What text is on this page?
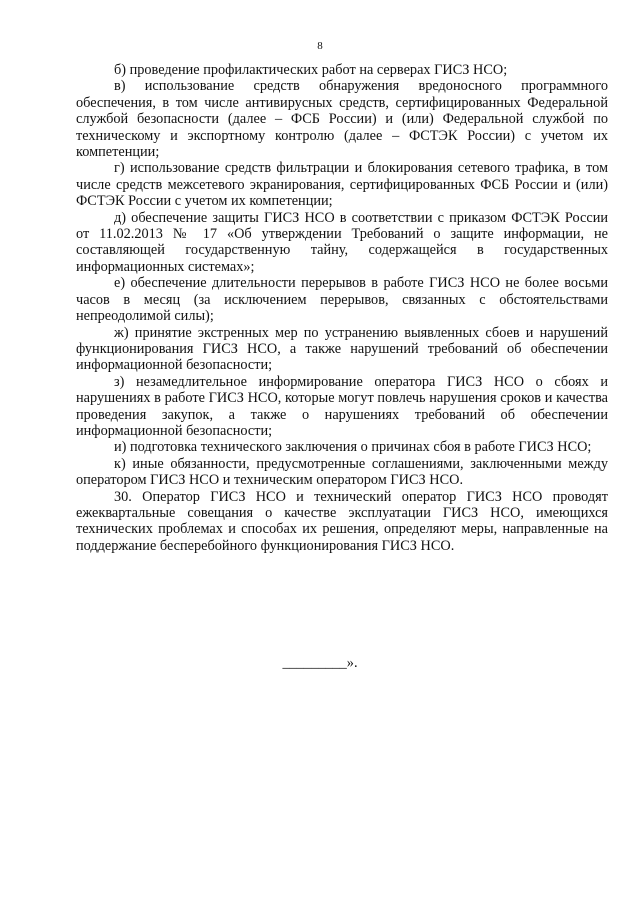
8

б) проведение профилактических работ на серверах ГИСЗ НСО;

в) использование средств обнаружения вредоносного программного обеспечения, в том числе антивирусных средств, сертифицированных Федеральной службой безопасности (далее – ФСБ России) и (или) Федеральной службой по техническому и экспортному контролю (далее – ФСТЭК России) с учетом их компетенции;

г) использование средств фильтрации и блокирования сетевого трафика, в том числе средств межсетевого экранирования, сертифицированных ФСБ России и (или) ФСТЭК России с учетом их компетенции;

д) обеспечение защиты ГИСЗ НСО в соответствии с приказом ФСТЭК России от 11.02.2013 № 17 «Об утверждении Требований о защите информации, не составляющей государственную тайну, содержащейся в государственных информационных системах»;

е) обеспечение длительности перерывов в работе ГИСЗ НСО не более восьми часов в месяц (за исключением перерывов, связанных с обстоятельствами непреодолимой силы);

ж) принятие экстренных мер по устранению выявленных сбоев и нарушений функционирования ГИСЗ НСО, а также нарушений требований об обеспечении информационной безопасности;

з) незамедлительное информирование оператора ГИСЗ НСО о сбоях и нарушениях в работе ГИСЗ НСО, которые могут повлечь нарушения сроков и качества проведения закупок, а также о нарушениях требований об обеспечении информационной безопасности;

и) подготовка технического заключения о причинах сбоя в работе ГИСЗ НСО;

к) иные обязанности, предусмотренные соглашениями, заключенными между оператором ГИСЗ НСО и техническим оператором ГИСЗ НСО.

30. Оператор ГИСЗ НСО и технический оператор ГИСЗ НСО проводят ежеквартальные совещания о качестве эксплуатации ГИСЗ НСО, имеющихся технических проблемах и способах их решения, определяют меры, направленные на поддержание бесперебойного функционирования ГИСЗ НСО.

_________».
